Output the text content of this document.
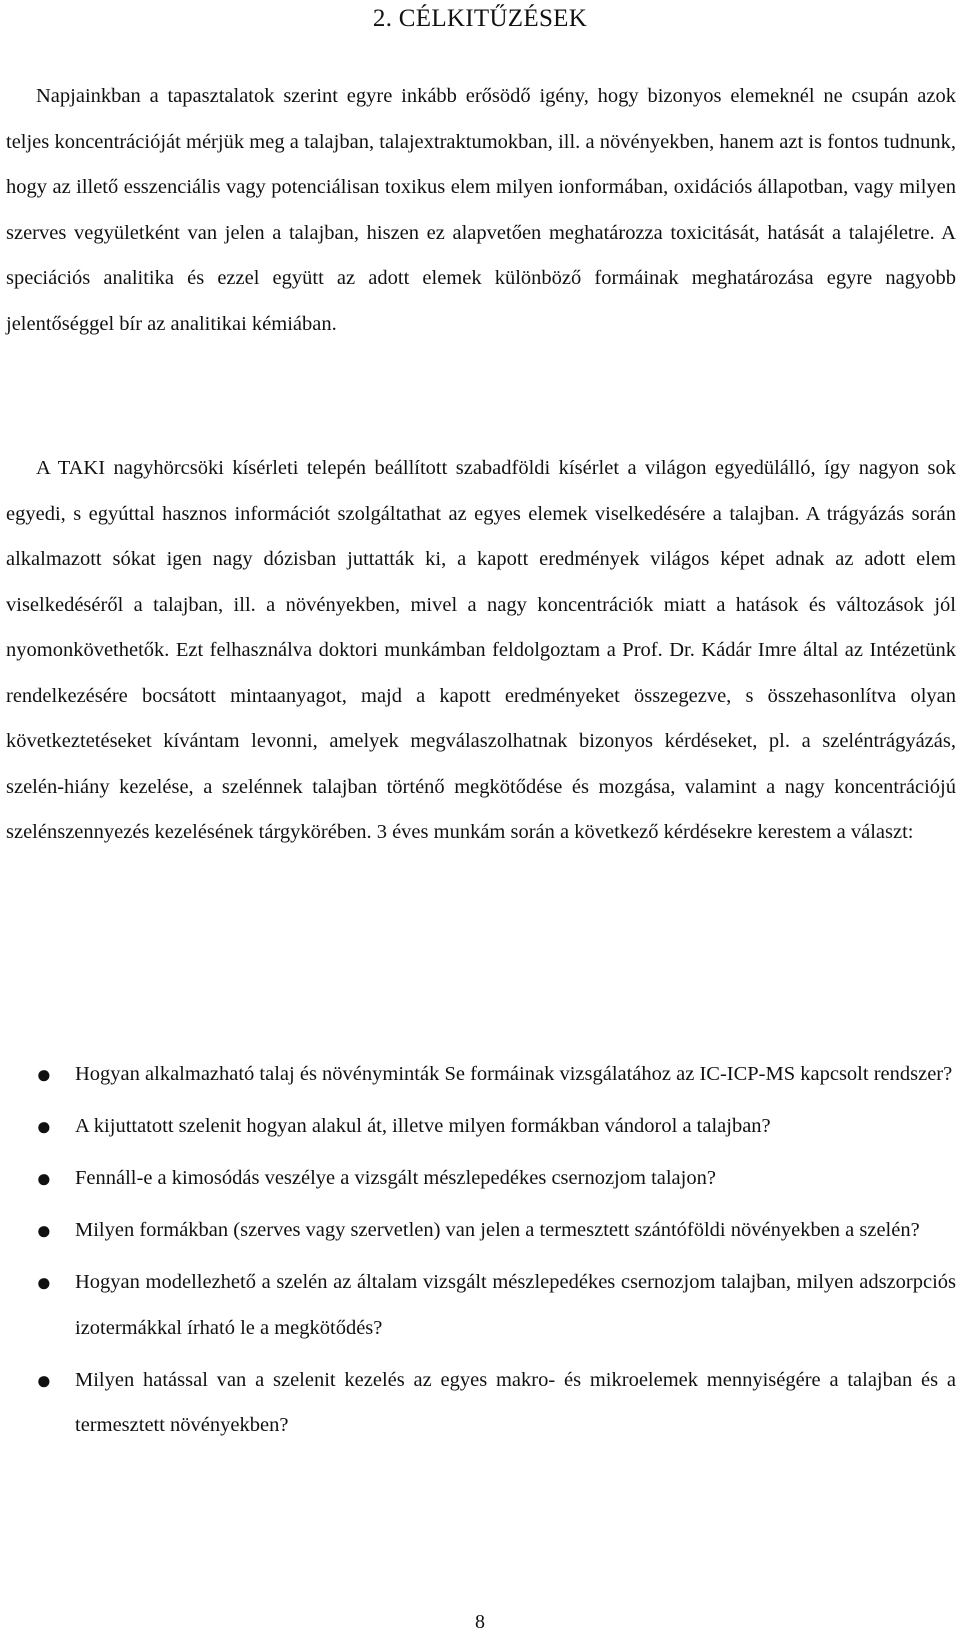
2. CÉLKITŰZÉSEK

Napjainkban a tapasztalatok szerint egyre inkább erősödő igény, hogy bizonyos elemeknél ne csupán azok teljes koncentrációját mérjük meg a talajban, talajextraktumokban, ill. a növényekben, hanem azt is fontos tudnunk, hogy az illető esszenciális vagy potenciálisan toxikus elem milyen ionformában, oxidációs állapotban, vagy milyen szerves vegyületként van jelen a talajban, hiszen ez alapvetően meghatározza toxicitását, hatását a talajéletre. A speciációs analitika és ezzel együtt az adott elemek különböző formáinak meghatározása egyre nagyobb jelentőséggel bír az analitikai kémiában.

A TAKI nagyhörcsöki kísérleti telepén beállított szabadföldi kísérlet a világon egyedülálló, így nagyon sok egyedi, s egyúttal hasznos információt szolgáltathat az egyes elemek viselkedésére a talajban. A trágyázás során alkalmazott sókat igen nagy dózisban juttatták ki, a kapott eredmények világos képet adnak az adott elem viselkedéséről a talajban, ill. a növényekben, mivel a nagy koncentrációk miatt a hatások és változások jól nyomonkövethetők. Ezt felhasználva doktori munkámban feldolgoztam a Prof. Dr. Kádár Imre által az Intézetünk rendelkezésére bocsátott mintaanyagot, majd a kapott eredményeket összegezve, s összehasonlítva olyan következtetéseket kívántam levonni, amelyek megválaszolhatnak bizonyos kérdéseket, pl. a szeléntrágyázás, szelén-hiány kezelése, a szelénnek talajban történő megkötődése és mozgása, valamint a nagy koncentrációjú szelénszennyezés kezelésének tárgykörében. 3 éves munkám során a következő kérdésekre kerestem a választ:

● Hogyan alkalmazható talaj és növényminták Se formáinak vizsgálatához az IC-ICP-MS kapcsolt rendszer?
● A kijuttatott szelenit hogyan alakul át, illetve milyen formákban vándorol a talajban?
● Fennáll-e a kimosódás veszélye a vizsgált mészlepedékes csernozjom talajon?
● Milyen formákban (szerves vagy szervetlen) van jelen a termesztett szántóföldi növényekben a szelén?
● Hogyan modellezhető a szelén az általam vizsgált mészlepedékes csernozjom talajban, milyen adszorpciós izotermákkal írható le a megkötődés?
● Milyen hatással van a szelenit kezelés az egyes makro- és mikroelemek mennyiségére a talajban és a termesztett növényekben?
8
